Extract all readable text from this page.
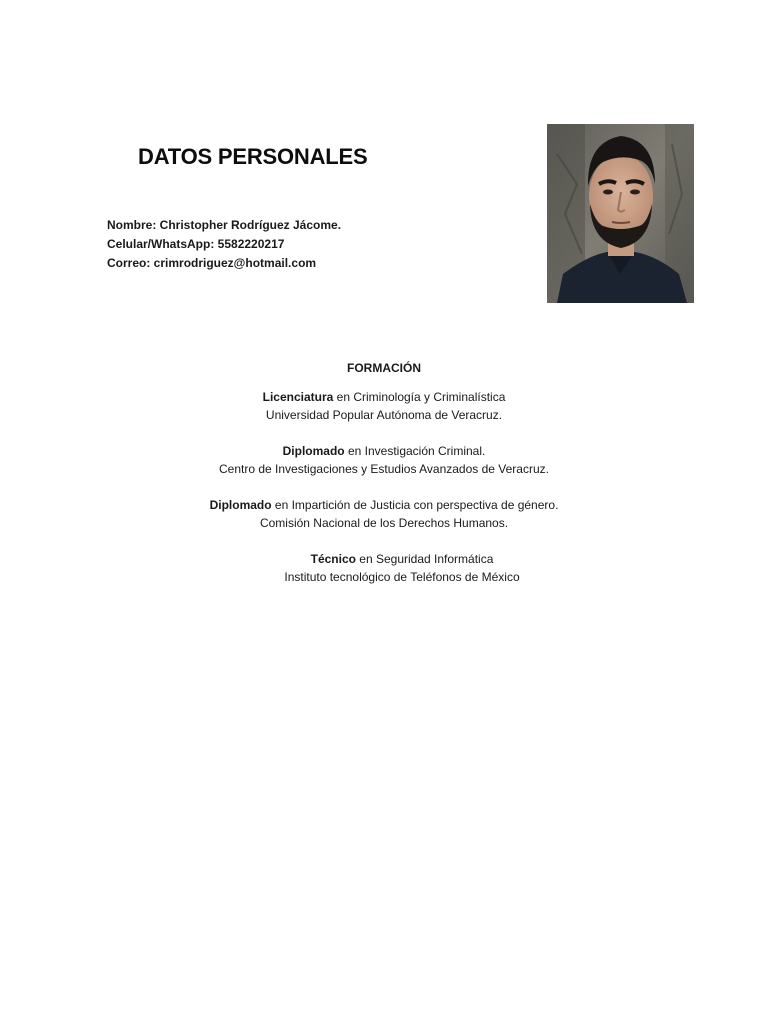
DATOS PERSONALES
Nombre: Christopher Rodríguez Jácome.
Celular/WhatsApp: 5582220217
Correo: crimrodriguez@hotmail.com
FORMACIÓN
Licenciatura en Criminología y Criminalística
Universidad Popular Autónoma de Veracruz.
Diplomado en Investigación Criminal.
Centro de Investigaciones y Estudios Avanzados de Veracruz.
Diplomado en Impartición de Justicia con perspectiva de género.
Comisión Nacional de los Derechos Humanos.
Técnico en Seguridad Informática
Instituto tecnológico de Teléfonos de México
